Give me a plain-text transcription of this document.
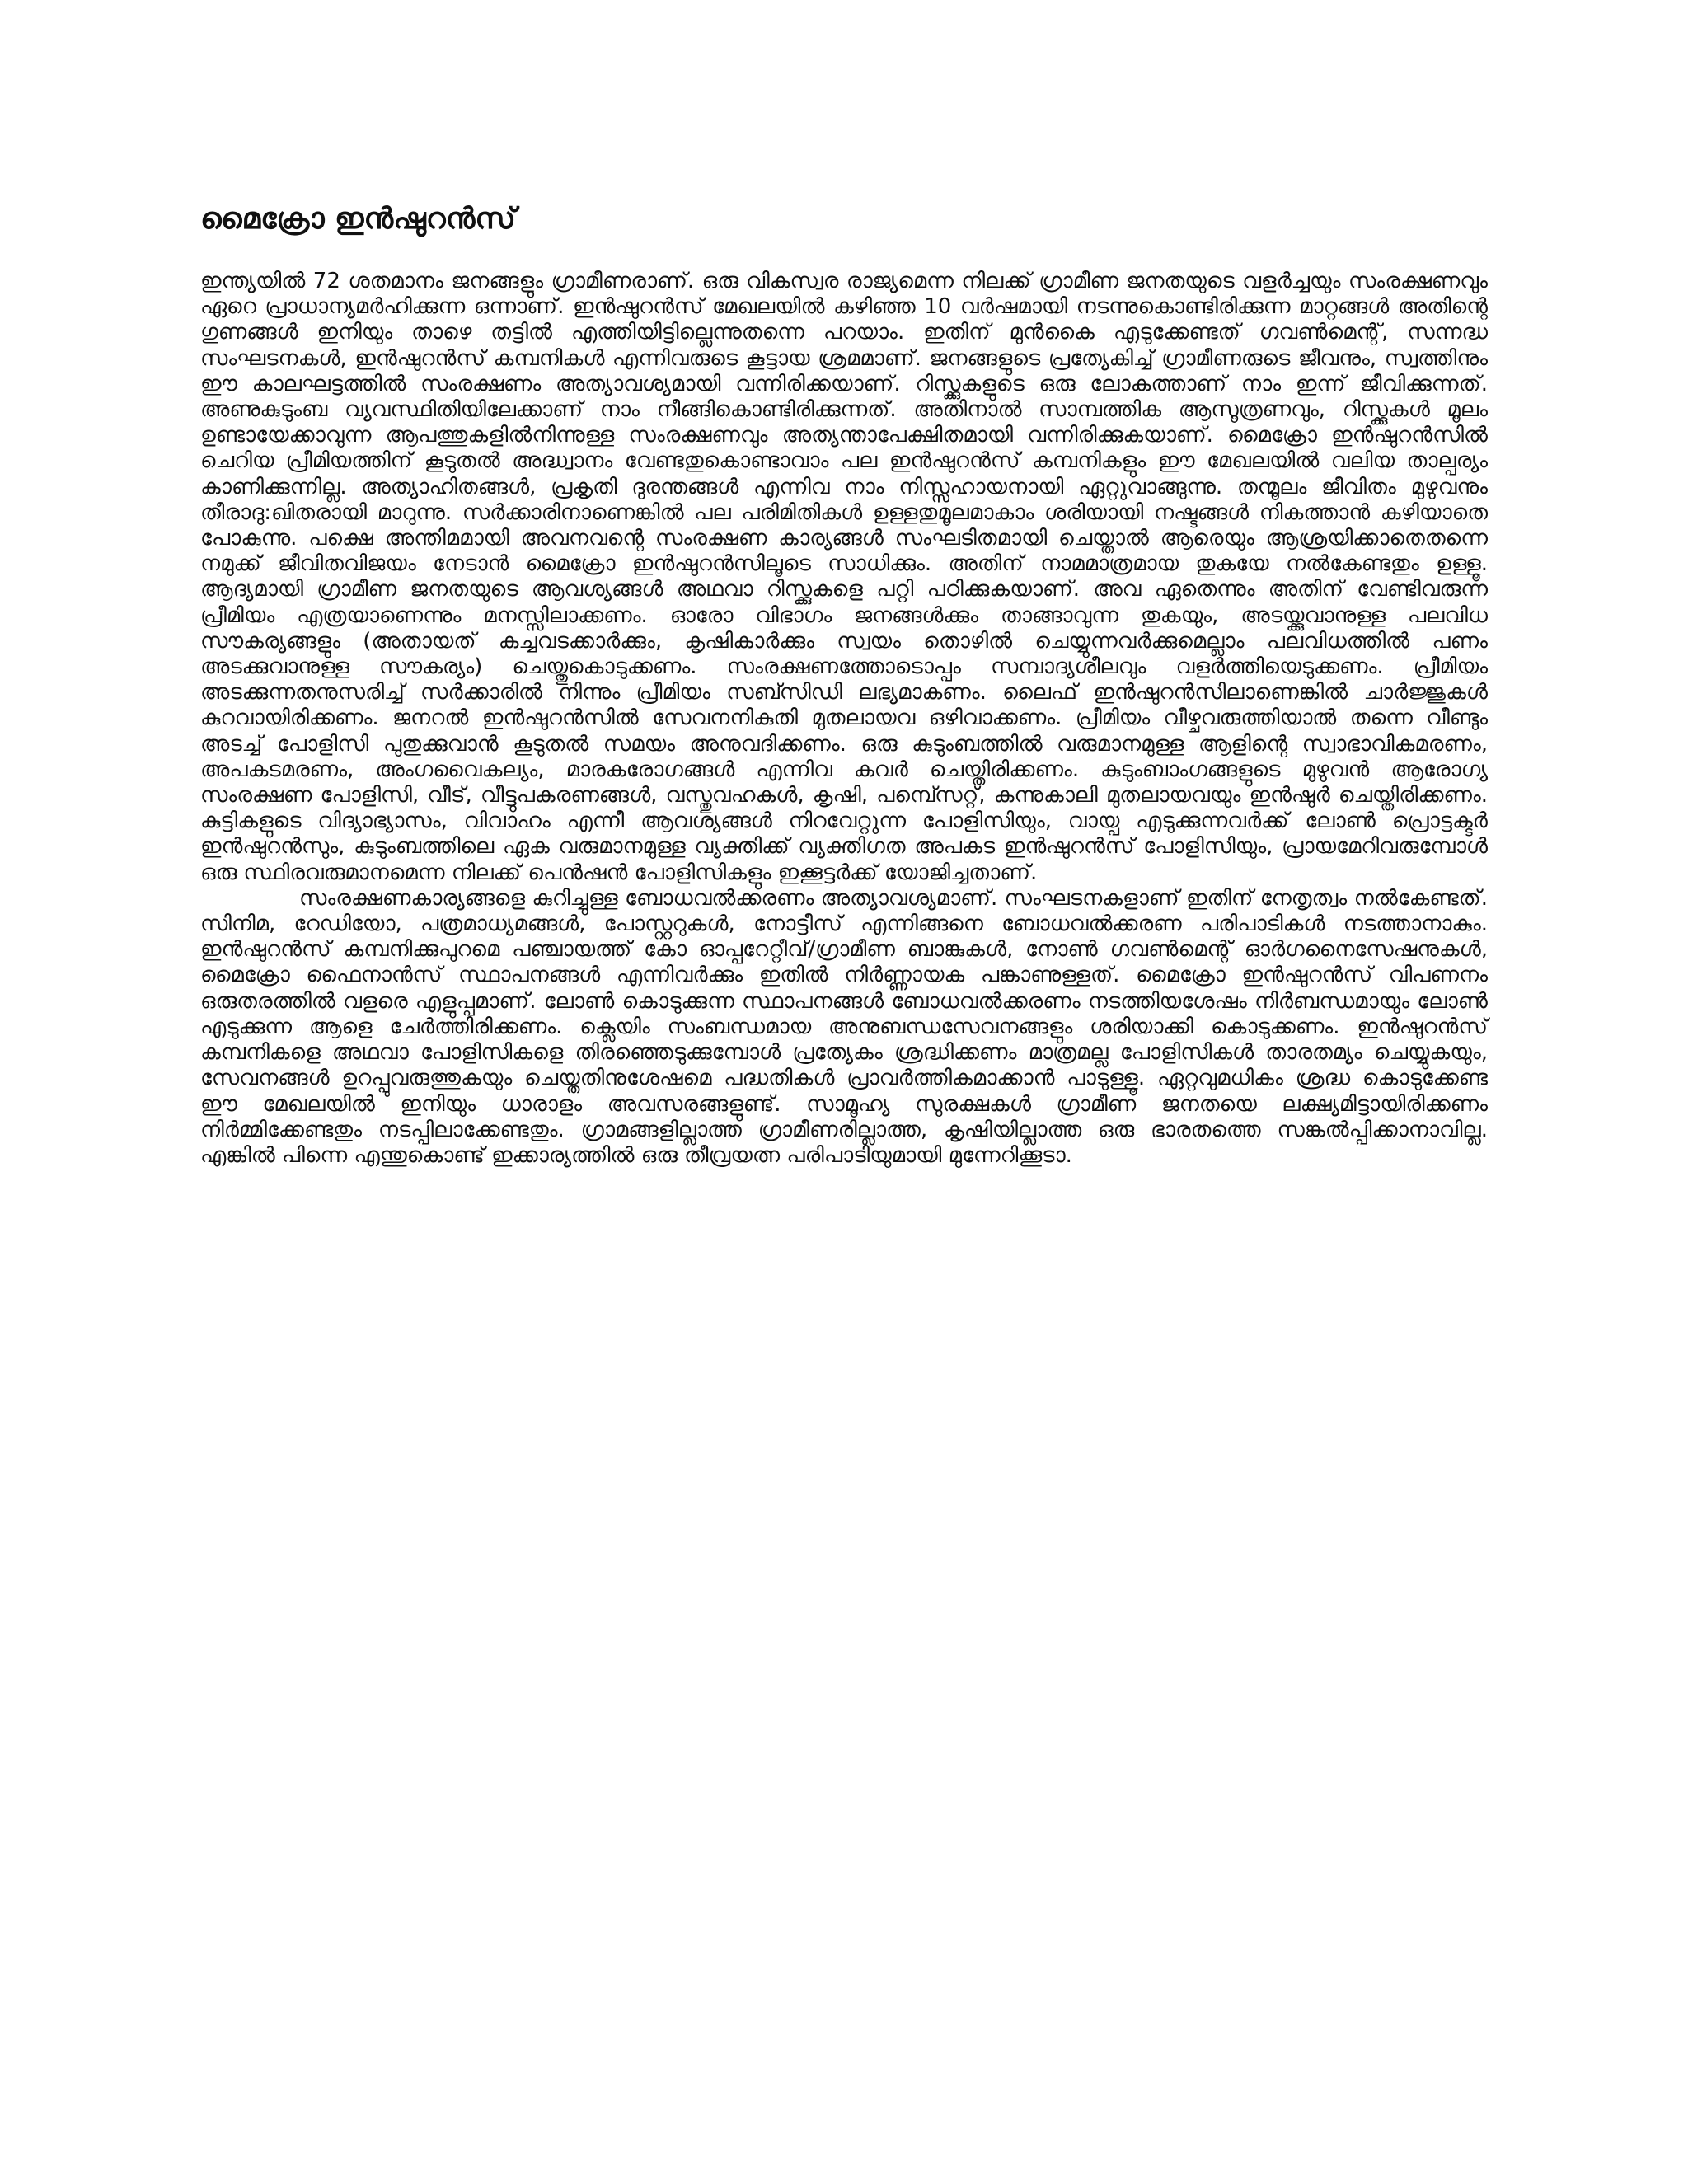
മൈക്രോ ഇൻഷുറൻസ്

ഇന്ത്യയിൽ 72 ശതമാനം ജനങ്ങളും ഗ്രാമീണരാണ്. ഒരു വികസ്വര രാജ്യമെന്ന നിലക്ക് ഗ്രാമീണ ജനതയുടെ വളർച്ചയും സംരക്ഷണവും ഏറെ പ്രാധാന്യമർഹിക്കുന്ന ഒന്നാണ്. ഇൻഷുറൻസ് മേഖലയിൽ കഴിഞ്ഞ 10 വർഷമായി നടന്നുകൊണ്ടിരിക്കുന്ന മാറ്റങ്ങൾ അതിന്റെ ഗുണങ്ങൾ ഇനിയും താഴെ തട്ടിൽ എത്തിയിട്ടില്ലെന്നുതന്നെ പറയാം. ഇതിന് മുൻകൈ എടുക്കേണ്ടത് ഗവൺമെന്റ്, സന്നദ്ധ സംഘടനകൾ, ഇൻഷുറൻസ് കമ്പനികൾ എന്നിവരുടെ കൂട്ടായ ശ്രമമാണ്. ജനങ്ങളുടെ പ്രത്യേകിച്ച് ഗ്രാമീണരുടെ ജീവനും, സ്വത്തിനും ഈ കാലഘട്ടത്തിൽ സംരക്ഷണം അത്യാവശ്യമായി വന്നിരിക്കയാണ്. റിസ്ക്കുകളുടെ ഒരു ലോകത്താണ് നാം ഇന്ന് ജീവിക്കുന്നത്. അണുകുടുംബ വ്യവസ്ഥിതിയിലേക്കാണ് നാം നീങ്ങികൊണ്ടിരിക്കുന്നത്. അതിനാൽ സാമ്പത്തിക ആസൂത്രണവും, റിസ്ക്കുകൾ മൂലം ഉണ്ടായേക്കാവുന്ന ആപത്തുകളിൽനിന്നുള്ള സംരക്ഷണവും അത്യന്താപേക്ഷിതമായി വന്നിരിക്കുകയാണ്. മൈക്രോ ഇൻഷുറൻസിൽ ചെറിയ പ്രീമിയത്തിന് കൂടുതൽ അദ്ധ്വാനം വേണ്ടതുകൊണ്ടാവാം പല ഇൻഷുറൻസ് കമ്പനികളും ഈ മേഖലയിൽ വലിയ താല്പര്യം കാണിക്കുന്നില്ല. അത്യാഹിതങ്ങൾ, പ്രകൃതി ദുരന്തങ്ങൾ എന്നിവ നാം നിസ്സഹായനായി ഏറ്റുവാങ്ങുന്നു. തന്മൂലം ജീവിതം മുഴുവനും തീരാദു:ഖിതരായി മാറുന്നു. സർക്കാരിനാണെങ്കിൽ പല പരിമിതികൾ ഉള്ളതുമൂലമാകാം ശരിയായി നഷ്ടങ്ങൾ നികത്താൻ കഴിയാതെ പോകുന്നു. പക്ഷെ അന്തിമമായി അവനവന്റെ സംരക്ഷണ കാര്യങ്ങൾ സംഘടിതമായി ചെയ്താൽ ആരെയും ആശ്രയിക്കാതെതന്നെ നമുക്ക് ജീവിതവിജയം നേടാൻ മൈക്രോ ഇൻഷുറൻസിലൂടെ സാധിക്കും. അതിന് നാമമാത്രമായ തുകയേ നൽകേണ്ടതും ഉള്ളൂ. ആദ്യമായി ഗ്രാമീണ ജനതയുടെ ആവശ്യങ്ങൾ അഥവാ റിസ്ക്കുകളെ പറ്റി പഠിക്കുകയാണ്. അവ ഏതെന്നും അതിന് വേണ്ടിവരുന്ന പ്രീമിയം എത്രയാണെന്നും മനസ്സിലാക്കണം. ഓരോ വിഭാഗം ജനങ്ങൾക്കും താങ്ങാവുന്ന തുകയും, അടയ്ക്കുവാനുള്ള പലവിധ സൗകര്യങ്ങളും (അതായത് കച്ചവടക്കാർക്കും, കൃഷികാർക്കും സ്വയം തൊഴിൽ ചെയ്യുന്നവർക്കുമെല്ലാം പലവിധത്തിൽ പണം അടക്കുവാനുള്ള സൗകര്യം) ചെയ്തുകൊടുക്കണം. സംരക്ഷണത്തോടൊപ്പം സമ്പാദ്യശീലവും വളർത്തിയെടുക്കണം. പ്രീമിയം അടക്കുന്നതനുസരിച്ച് സർക്കാരിൽ നിന്നും പ്രീമിയം സബ്സിഡി ലഭ്യമാകണം. ലൈഫ് ഇൻഷുറൻസിലാണെങ്കിൽ ചാർജ്ജുകൾ കുറവായിരിക്കണം. ജനറൽ ഇൻഷുറൻസിൽ സേവനനികുതി മുതലായവ ഒഴിവാക്കണം. പ്രീമിയം വീഴ്ചവരുത്തിയാൽ തന്നെ വീണ്ടും അടച്ച് പോളിസി പുതുക്കുവാൻ കൂടുതൽ സമയം അനുവദിക്കണം. ഒരു കുടുംബത്തിൽ വരുമാനമുള്ള ആളിന്റെ സ്വാഭാവികമരണം, അപകടമരണം, അംഗവൈകല്യം, മാരകരോഗങ്ങൾ എന്നിവ കവർ ചെയ്തിരിക്കണം. കുടുംബാംഗങ്ങളുടെ മുഴുവൻ ആരോഗ്യ സംരക്ഷണ പോളിസി, വീട്, വീട്ടുപകരണങ്ങൾ, വസ്തുവഹകൾ, കൃഷി, പമ്പ്സെറ്റ്, കന്നുകാലി മുതലായവയും ഇൻഷുർ ചെയ്തിരിക്കണം. കുട്ടികളുടെ വിദ്യാഭ്യാസം, വിവാഹം എന്നീ ആവശ്യങ്ങൾ നിറവേറ്റുന്ന പോളിസിയും, വായ്പ എടുക്കുന്നവർക്ക് ലോൺ പ്രൊട്ടക്ടർ ഇൻഷുറൻസും, കുടുംബത്തിലെ ഏക വരുമാനമുള്ള വ്യക്തിക്ക് വ്യക്തിഗത അപകട ഇൻഷുറൻസ് പോളിസിയും, പ്രായമേറിവരുമ്പോൾ ഒരു സ്ഥിരവരുമാനമെന്ന നിലക്ക് പെൻഷൻ പോളിസികളും ഇക്കൂട്ടർക്ക് യോജിച്ചതാണ്.

സംരക്ഷണകാര്യങ്ങളെ കുറിച്ചുള്ള ബോധവൽക്കരണം അത്യാവശ്യമാണ്. സംഘടനകളാണ് ഇതിന് നേതൃത്വം നൽകേണ്ടത്. സിനിമ, റേഡിയോ, പത്രമാധ്യമങ്ങൾ, പോസ്റ്ററുകൾ, നോട്ടീസ് എന്നിങ്ങനെ ബോധവൽക്കരണ പരിപാടികൾ നടത്താനാകും. ഇൻഷുറൻസ് കമ്പനിക്കുപുറമെ പഞ്ചായത്ത് കോ ഓപ്പറേറ്റീവ്/ഗ്രാമീണ ബാങ്കുകൾ, നോൺ ഗവൺമെന്റ് ഓർഗനൈസേഷനുകൾ, മൈക്രോ ഫൈനാൻസ് സ്ഥാപനങ്ങൾ എന്നിവർക്കും ഇതിൽ നിർണ്ണായക പങ്കാണുള്ളത്. മൈക്രോ ഇൻഷുറൻസ് വിപണനം ഒരുതരത്തിൽ വളരെ എളുപ്പമാണ്. ലോൺ കൊടുക്കുന്ന സ്ഥാപനങ്ങൾ ബോധവൽക്കരണം നടത്തിയശേഷം നിർബന്ധമായും ലോൺ എടുക്കുന്ന ആളെ ചേർത്തിരിക്കണം. ക്ലെയിം സംബന്ധമായ അനുബന്ധസേവനങ്ങളും ശരിയാക്കി കൊടുക്കണം. ഇൻഷുറൻസ് കമ്പനികളെ അഥവാ പോളിസികളെ തിരഞ്ഞെടുക്കുമ്പോൾ പ്രത്യേകം ശ്രദ്ധിക്കണം മാത്രമല്ല പോളിസികൾ താരതമ്യം ചെയ്യുകയും, സേവനങ്ങൾ ഉറപ്പുവരുത്തുകയും ചെയ്തതിനുശേഷമെ പദ്ധതികൾ പ്രാവർത്തികമാക്കാൻ പാടുള്ളൂ. ഏറ്റവുമധികം ശ്രദ്ധ കൊടുക്കേണ്ട ഈ മേഖലയിൽ ഇനിയും ധാരാളം അവസരങ്ങളുണ്ട്. സാമൂഹ്യ സുരക്ഷകൾ ഗ്രാമീണ ജനതയെ ലക്ഷ്യമിട്ടായിരിക്കണം നിർമ്മിക്കേണ്ടതും നടപ്പിലാക്കേണ്ടതും. ഗ്രാമങ്ങളില്ലാത്ത ഗ്രാമീണരില്ലാത്ത, കൃഷിയില്ലാത്ത ഒരു ഭാരതത്തെ സങ്കൽപ്പിക്കാനാവില്ല. എങ്കിൽ പിന്നെ എന്തുകൊണ്ട് ഇക്കാര്യത്തിൽ ഒരു തീവ്രയത്ന പരിപാടിയുമായി മുന്നേറിക്കൂടാ.
